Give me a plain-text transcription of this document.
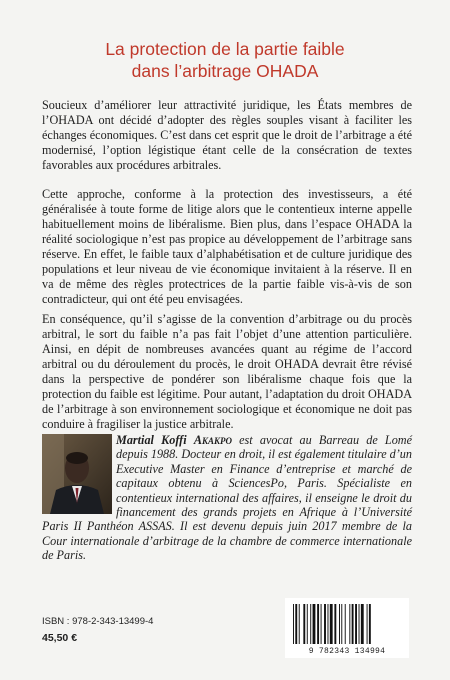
La protection de la partie faible
dans l’arbitrage OHADA

Soucieux d’améliorer leur attractivité juridique, les États membres de l’OHADA ont décidé d’adopter des règles souples visant à faciliter les échanges économiques. C’est dans cet esprit que le droit de l’arbitrage a été modernisé, l’option légistique étant celle de la consécration de textes favorables aux procédures arbitrales.

Cette approche, conforme à la protection des investisseurs, a été généralisée à toute forme de litige alors que le contentieux interne appelle habituellement moins de libéralisme. Bien plus, dans l’espace OHADA la réalité sociologique n’est pas propice au développement de l’arbitrage sans réserve. En effet, le faible taux d’alphabétisation et de culture juridique des populations et leur niveau de vie économique invitaient à la réserve. Il en va de même des règles protectrices de la partie faible vis-à-vis de son contradicteur, qui ont été peu envisagées.

En conséquence, qu’il s’agisse de la convention d’arbitrage ou du procès arbitral, le sort du faible n’a pas fait l’objet d’une attention particulière. Ainsi, en dépit de nombreuses avancées quant au régime de l’accord arbitral ou du déroulement du procès, le droit OHADA devrait être révisé dans la perspective de pondérer son libéralisme chaque fois que la protection du faible est légitime. Pour autant, l’adaptation du droit OHADA de l’arbitrage à son environnement sociologique et économique ne doit pas conduire à fragiliser la justice arbitrale.

Martial Koffi Akakpo est avocat au Barreau de Lomé depuis 1988. Docteur en droit, il est également titulaire d’un Executive Master en Finance d’entreprise et marché de capitaux obtenu à SciencesPo, Paris. Spécialiste en contentieux international des affaires, il enseigne le droit du financement des grands projets en Afrique à l’Université Paris II Panthéon ASSAS. Il est devenu depuis juin 2017 membre de la Cour internationale d’arbitrage de la chambre de commerce internationale de Paris.
ISBN : 978-2-343-13499-4
45,50 €
9 782343 134994
